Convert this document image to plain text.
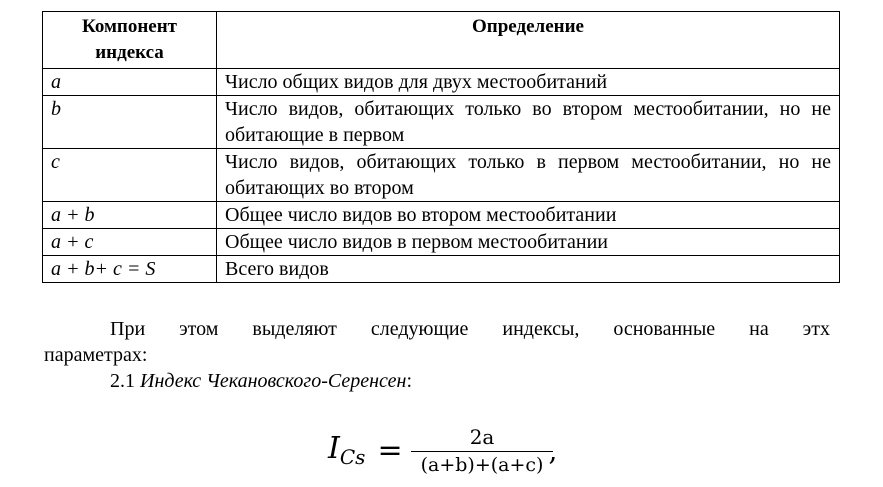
Компонент индекса	Определение
a	Число общих видов для двух местообитаний
b	Число видов, обитающих только во втором местообитании, но не обитающие в первом
c	Число видов, обитающих только в первом местообитании, но не обитающих во втором
a + b	Общее число видов во втором местообитании
a + c	Общее число видов в первом местообитании
a + b+ c = S	Всего видов

При этом выделяют следующие индексы, основанные на этх
параметрах:

2.1 Индекс Чекановского-Серенсен:

$I_{Cs} = \frac{2a}{(a+b)+(a+c)}$ ,
